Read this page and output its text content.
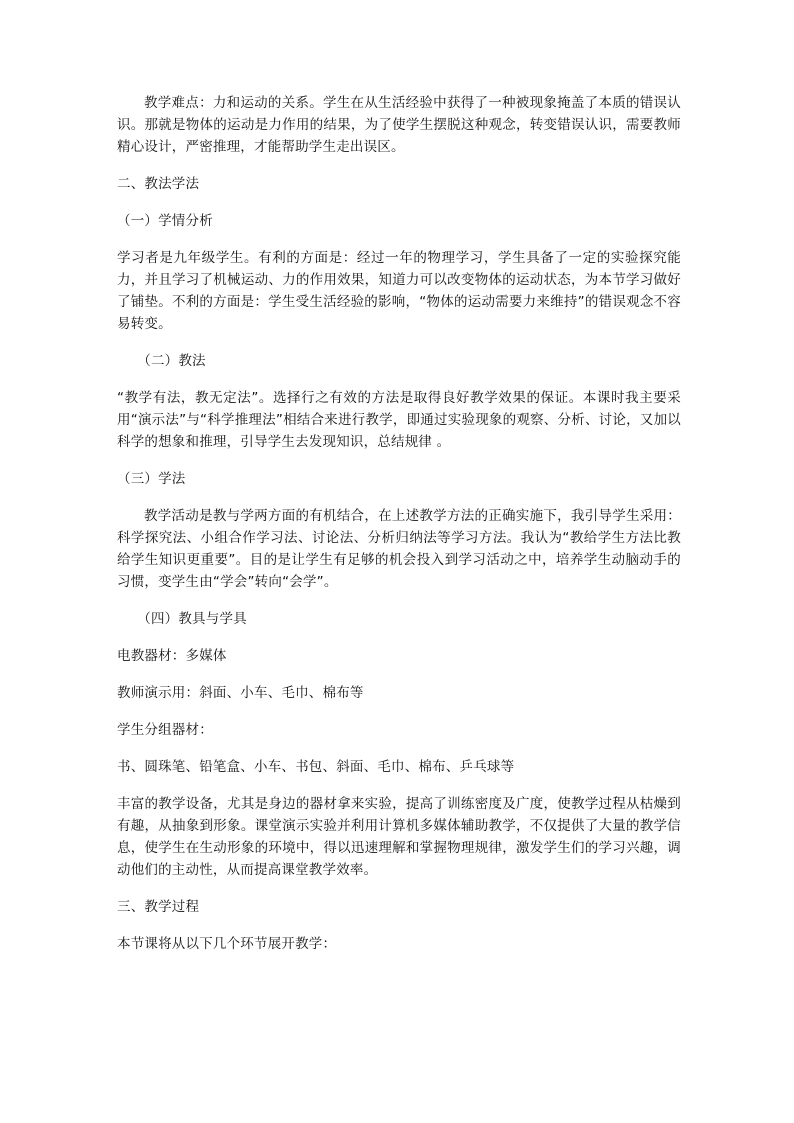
教学难点：力和运动的关系。学生在从生活经验中获得了一种被现象掩盖了本质的错误认识。那就是物体的运动是力作用的结果，为了使学生摆脱这种观念，转变错误认识，需要教师精心设计，严密推理，才能帮助学生走出误区。

二、教法学法

（一）学情分析

学习者是九年级学生。有利的方面是：经过一年的物理学习，学生具备了一定的实验探究能力，并且学习了机械运动、力的作用效果，知道力可以改变物体的运动状态，为本节学习做好了铺垫。不利的方面是：学生受生活经验的影响，“物体的运动需要力来维持”的错误观念不容易转变。

（二）教法

“教学有法，教无定法”。选择行之有效的方法是取得良好教学效果的保证。本课时我主要采用“演示法”与“科学推理法”相结合来进行教学，即通过实验现象的观察、分析、讨论，又加以科学的想象和推理，引导学生去发现知识，总结规律 。

（三）学法

教学活动是教与学两方面的有机结合，在上述教学方法的正确实施下，我引导学生采用：科学探究法、小组合作学习法、讨论法、分析归纳法等学习方法。我认为“教给学生方法比教给学生知识更重要”。目的是让学生有足够的机会投入到学习活动之中，培养学生动脑动手的习惯，变学生由“学会”转向“会学”。

（四）教具与学具

电教器材：多媒体

教师演示用：斜面、小车、毛巾、棉布等

学生分组器材：

书、圆珠笔、铅笔盒、小车、书包、斜面、毛巾、棉布、乒乓球等

丰富的教学设备，尤其是身边的器材拿来实验，提高了训练密度及广度，使教学过程从枯燥到有趣，从抽象到形象。课堂演示实验并利用计算机多媒体辅助教学，不仅提供了大量的教学信息，使学生在生动形象的环境中，得以迅速理解和掌握物理规律，激发学生们的学习兴趣，调动他们的主动性，从而提高课堂教学效率。

三、教学过程

本节课将从以下几个环节展开教学：
